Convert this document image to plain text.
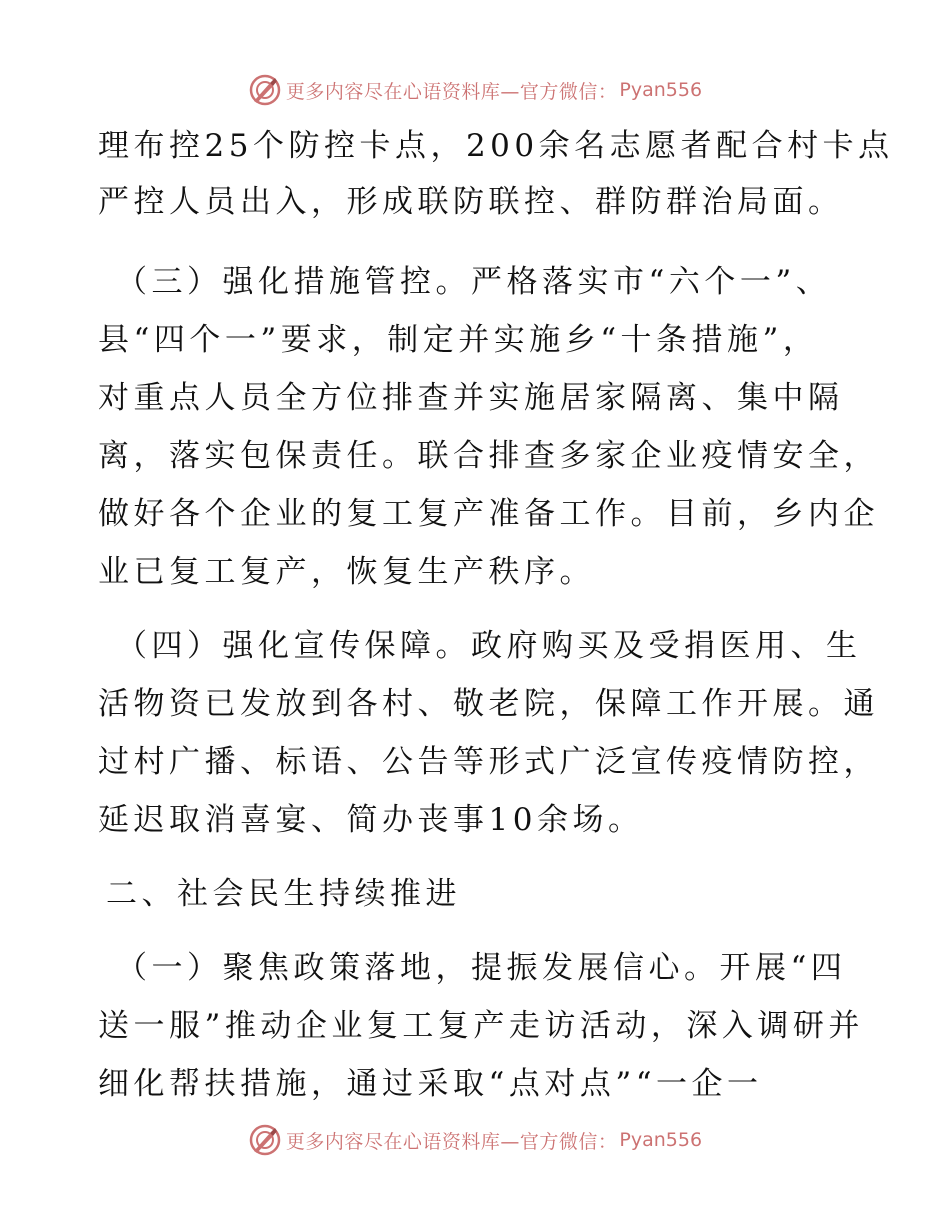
更多内容尽在心语资料库—官方微信： Pyan556
理布控25个防控卡点，200余名志愿者配合村卡点
严控人员出入，形成联防联控、群防群治局面。
（三）强化措施管控。严格落实市“六个一”、
县“四个一”要求，制定并实施乡“十条措施”，
对重点人员全方位排查并实施居家隔离、集中隔
离，落实包保责任。联合排查多家企业疫情安全，
做好各个企业的复工复产准备工作。目前，乡内企
业已复工复产，恢复生产秩序。
（四）强化宣传保障。政府购买及受捐医用、生
活物资已发放到各村、敬老院，保障工作开展。通
过村广播、标语、公告等形式广泛宣传疫情防控，
延迟取消喜宴、简办丧事10余场。
二、社会民生持续推进
（一）聚焦政策落地，提振发展信心。开展“四
送一服”推动企业复工复产走访活动，深入调研并
细化帮扶措施，通过采取“点对点”“一企一
更多内容尽在心语资料库—官方微信： Pyan556
